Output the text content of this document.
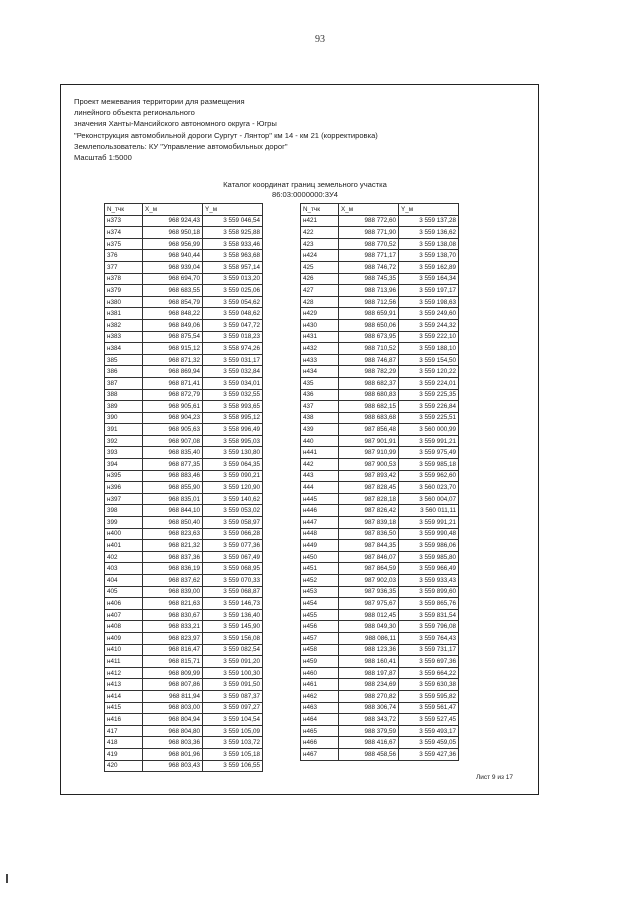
93
Проект межевания территории для размещения
линейного объекта регионального
значения Ханты-Мансийского автономного округа - Югры
"Реконструкция автомобильной дороги Сургут - Лянтор" км 14 - км 21 (корректировка)
Землепользователь: КУ "Управление автомобильных дорог"
Масштаб 1:5000
Каталог координат границ земельного участка
86:03:0000000:3У4
N_тчк	X_м	Y_м
н373	968 924,43	3 559 046,54
н374	968 950,18	3 558 925,88
н375	968 956,99	3 558 933,46
376	968 940,44	3 558 963,68
377	968 939,04	3 558 957,14
н378	968 694,70	3 559 013,20
н379	968 683,55	3 559 025,06
н380	968 854,79	3 559 054,62
н381	968 848,22	3 559 048,62
н382	968 849,06	3 559 047,72
н383	968 875,54	3 559 018,23
н384	968 915,12	3 558 974,26
385	968 871,32	3 559 031,17
386	968 869,94	3 559 032,84
387	968 871,41	3 559 034,01
388	968 872,79	3 559 032,55
389	968 905,61	3 558 993,65
390	968 904,23	3 558 995,12
391	968 905,63	3 558 996,49
392	968 907,08	3 558 995,03
393	968 835,40	3 559 130,80
394	968 877,35	3 559 064,35
н395	968 883,46	3 559 090,21
н396	968 855,90	3 559 120,90
н397	968 835,01	3 559 140,62
398	968 844,10	3 559 053,02
399	968 850,40	3 559 058,97
н400	968 823,63	3 559 066,28
н401	968 821,32	3 559 077,36
402	968 837,36	3 559 067,49
403	968 836,19	3 559 068,95
404	968 837,62	3 559 070,33
405	968 839,00	3 559 068,87
н406	968 821,63	3 559 146,73
н407	968 830,67	3 559 136,40
н408	968 833,21	3 559 145,90
н409	968 823,97	3 559 156,08
н410	968 816,47	3 559 082,54
н411	968 815,71	3 559 091,20
н412	968 809,99	3 559 100,30
н413	968 807,86	3 559 091,50
н414	968 811,94	3 559 087,37
н415	968 803,00	3 559 097,27
н416	968 804,94	3 559 104,54
417	968 804,80	3 559 105,09
418	968 803,36	3 559 103,72
419	968 801,96	3 559 105,18
420	968 803,43	3 559 106,55
N_тчк	X_м	Y_м
н421	988 772,60	3 559 137,28
422	988 771,90	3 559 136,62
423	988 770,52	3 559 138,08
н424	988 771,17	3 559 138,70
425	988 746,72	3 559 162,89
426	988 745,35	3 559 164,34
427	988 713,96	3 559 197,17
428	988 712,56	3 559 198,63
н429	988 659,91	3 559 249,60
н430	988 650,06	3 559 244,32
н431	988 673,95	3 559 222,10
н432	988 710,52	3 559 188,10
н433	988 746,87	3 559 154,50
н434	988 782,29	3 559 120,22
435	988 682,37	3 559 224,01
436	988 680,83	3 559 225,35
437	988 682,15	3 559 226,84
438	988 683,68	3 559 225,51
439	987 856,48	3 560 000,99
440	987 901,91	3 559 991,21
н441	987 910,99	3 559 975,49
442	987 900,53	3 559 985,18
443	987 893,42	3 559 962,60
444	987 828,45	3 560 023,70
н445	987 828,18	3 560 004,07
н446	987 826,42	3 560 011,11
н447	987 839,18	3 559 991,21
н448	987 836,50	3 559 990,48
н449	987 844,35	3 559 986,06
н450	987 846,07	3 559 985,80
н451	987 864,59	3 559 966,49
н452	987 902,03	3 559 933,43
н453	987 936,35	3 559 899,60
н454	987 975,67	3 559 865,76
н455	988 012,45	3 559 831,54
н456	988 049,30	3 559 796,08
н457	988 086,11	3 559 764,43
н458	988 123,36	3 559 731,17
н459	988 160,41	3 559 697,36
н460	988 197,87	3 559 664,22
н461	988 234,69	3 559 630,38
н462	988 270,82	3 559 595,82
н463	988 306,74	3 559 561,47
н464	988 343,72	3 559 527,45
н465	988 379,59	3 559 493,17
н466	988 416,67	3 559 459,05
н467	988 458,56	3 559 427,36
Лист 9 из 17
